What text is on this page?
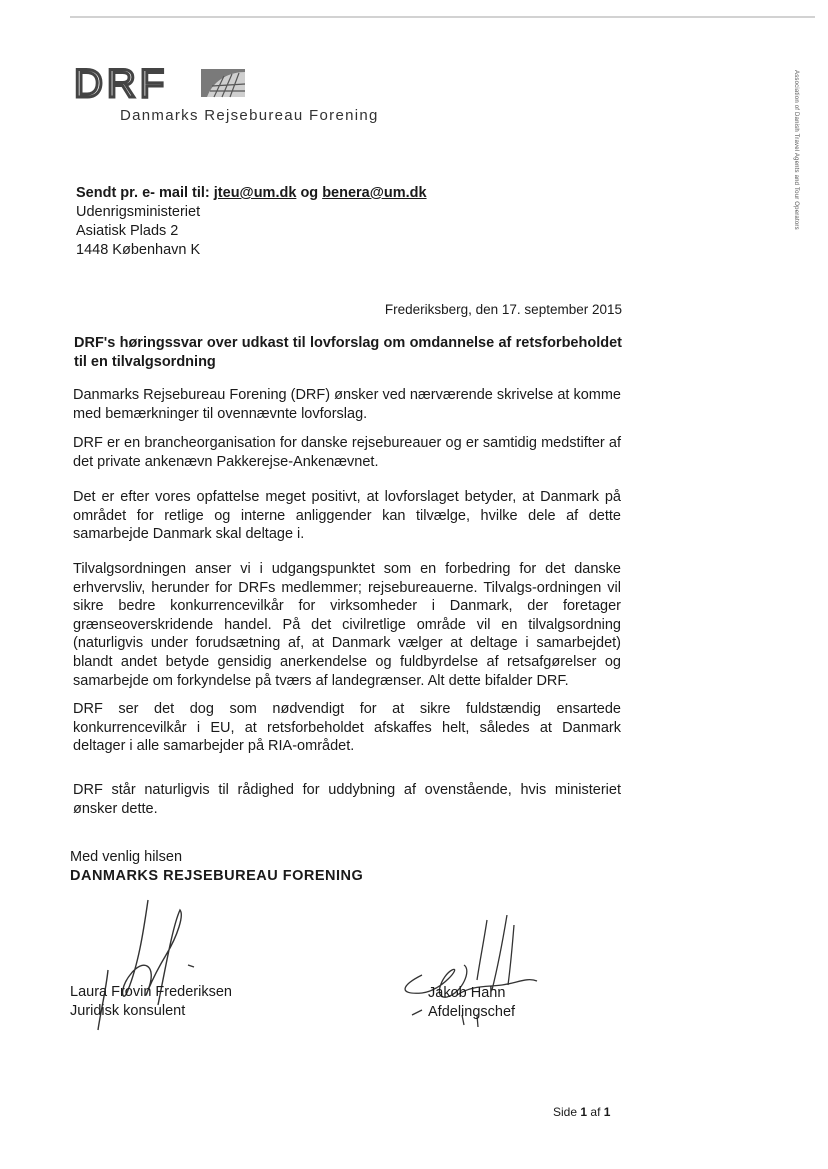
DRF
Danmarks Rejsebureau Forening	Association of Danish Travel Agents and Tour Operators
Sendt pr. e- mail til: jteu@um.dk og benera@um.dk
Udenrigsministeriet
Asiatisk Plads 2
1448 København K
Frederiksberg, den 17. september 2015
DRF's høringssvar over udkast til lovforslag om omdannelse af retsforbeholdet til en tilvalgsordning
Danmarks Rejsebureau Forening (DRF) ønsker ved nærværende skrivelse at komme med bemærkninger til ovennævnte lovforslag.
DRF er en brancheorganisation for danske rejsebureauer og er samtidig medstifter af det private ankenævn Pakkerejse-Ankenævnet.
Det er efter vores opfattelse meget positivt, at lovforslaget betyder, at Danmark på området for retlige og interne anliggender kan tilvælge, hvilke dele af dette samarbejde Danmark skal deltage i.
Tilvalgsordningen anser vi i udgangspunktet som en forbedring for det danske erhvervsliv, herunder for DRFs medlemmer; rejsebureauerne. Tilvalgs-ordningen vil sikre bedre konkurrencevilkår for virksomheder i Danmark, der foretager grænseoverskridende handel. På det civilretlige område vil en tilvalgsordning (naturligvis under forudsætning af, at Danmark vælger at deltage i samarbejdet) blandt andet betyde gensidig anerkendelse og fuldbyrdelse af retsafgørelser og samarbejde om forkyndelse på tværs af landegrænser. Alt dette bifalder DRF.
DRF ser det dog som nødvendigt for at sikre fuldstændig ensartede konkurrencevilkår i EU, at retsforbeholdet afskaffes helt, således at Danmark deltager i alle samarbejder på RIA-området.
DRF står naturligvis til rådighed for uddybning af ovenstående, hvis ministeriet ønsker dette.
Med venlig hilsen
DANMARKS REJSEBUREAU FORENING
Laura Frovin Frederiksen
Juridisk konsulent
Jakob Hahn
Afdelingschef
Side 1 af 1
